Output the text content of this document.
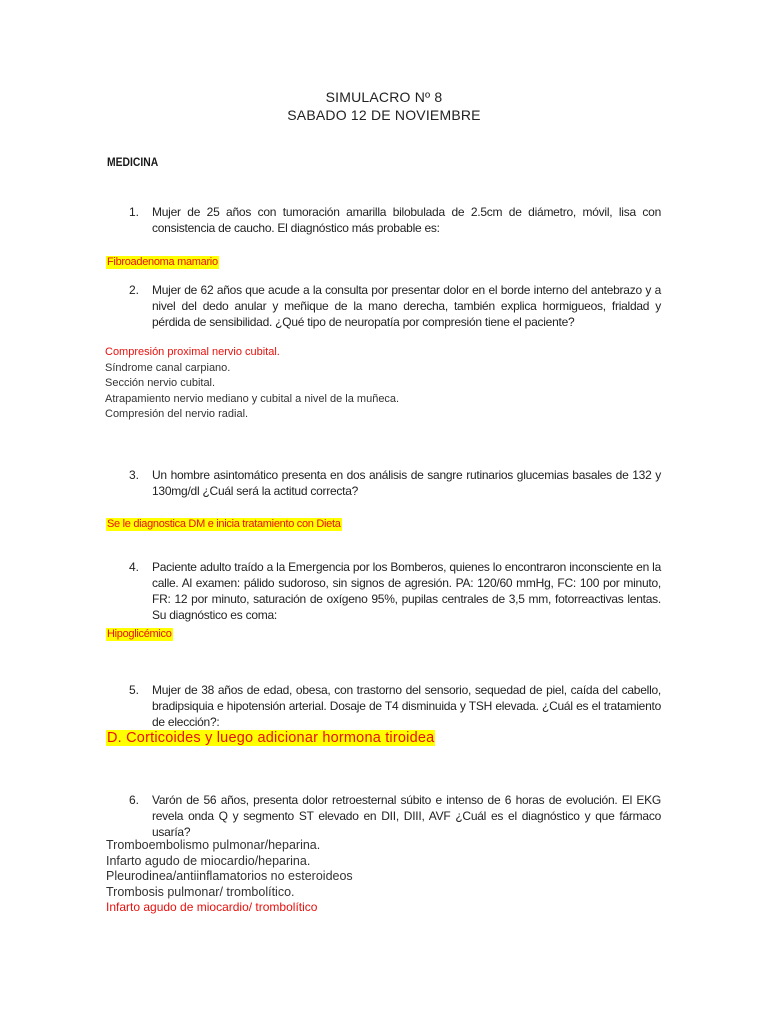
SIMULACRO Nº 8
SABADO 12 DE NOVIEMBRE
MEDICINA
1. Mujer de 25 años con tumoración amarilla bilobulada de 2.5cm de diámetro, móvil, lisa con consistencia de caucho. El diagnóstico más probable es:
Fibroadenoma mamario
2. Mujer de 62 años que acude a la consulta por presentar dolor en el borde interno del antebrazo y a nivel del dedo anular y meñique de la mano derecha, también explica hormigueos, frialdad y pérdida de sensibilidad. ¿Qué tipo de neuropatía por compresión tiene el paciente?
Compresión proximal nervio cubital.
Síndrome canal carpiano.
Sección nervio cubital.
Atrapamiento nervio mediano y cubital a nivel de la muñeca.
Compresión del nervio radial.
3. Un hombre asintomático presenta en dos análisis de sangre rutinarios glucemias basales de 132 y 130mg/dl ¿Cuál será la actitud correcta?
Se le diagnostica DM e inicia tratamiento con Dieta
4. Paciente adulto traído a la Emergencia por los Bomberos, quienes lo encontraron inconsciente en la calle. Al examen: pálido sudoroso, sin signos de agresión. PA: 120/60 mmHg, FC: 100 por minuto, FR: 12 por minuto, saturación de oxígeno 95%, pupilas centrales de 3,5 mm, fotorreactivas lentas. Su diagnóstico es coma:
Hipoglicémico
5. Mujer de 38 años de edad, obesa, con trastorno del sensorio, sequedad de piel, caída del cabello, bradipsiquia e hipotensión arterial. Dosaje de T4 disminuida y TSH elevada. ¿Cuál es el tratamiento de elección?:
D. Corticoides y luego adicionar hormona tiroidea
6. Varón de 56 años, presenta dolor retroesternal súbito e intenso de 6 horas de evolución. El EKG revela onda Q y segmento ST elevado en DII, DIII, AVF ¿Cuál es el diagnóstico y que fármaco usaría?
Tromboembolismo pulmonar/heparina.
Infarto agudo de miocardio/heparina.
Pleurodinea/antiinflamatorios no esteroideos
Trombosis pulmonar/ trombolítico.
Infarto agudo de miocardio/ trombolítico
